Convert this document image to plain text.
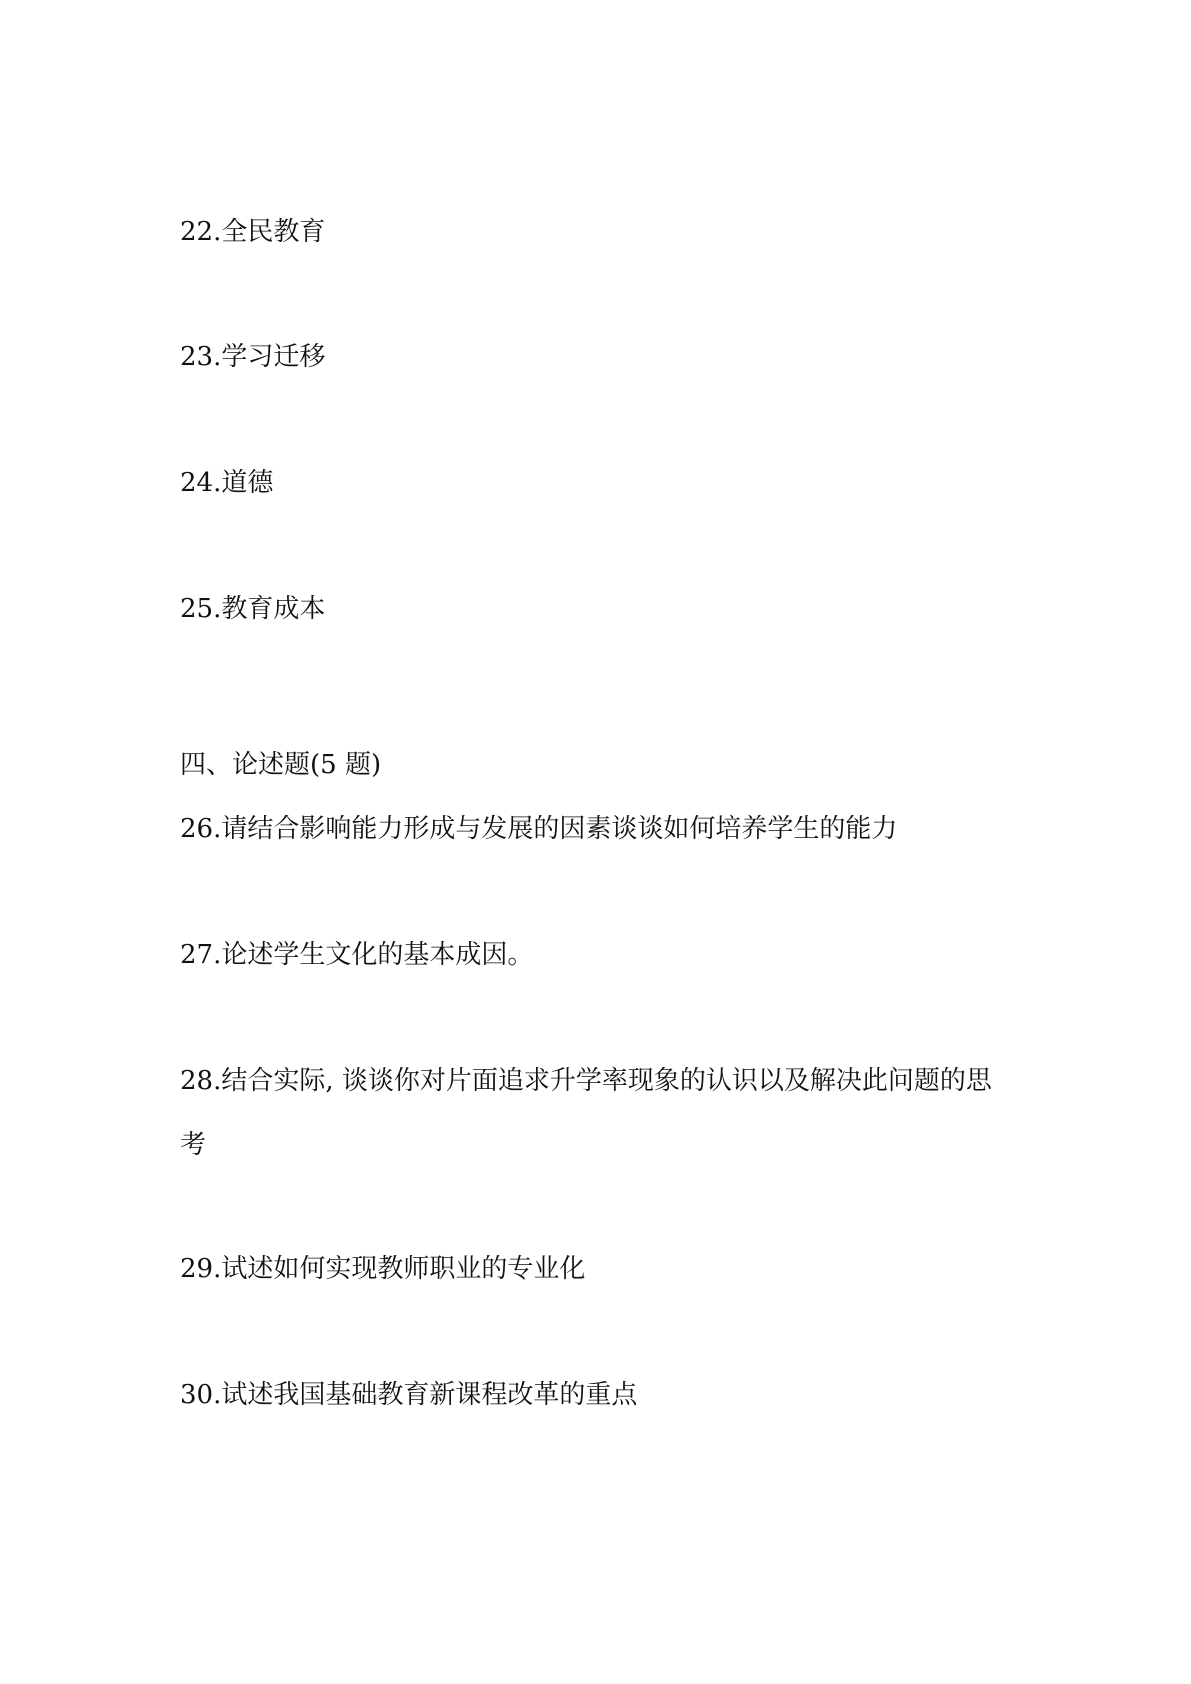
22.全民教育
23.学习迁移
24.道德
25.教育成本
四、论述题(5 题)
26.请结合影响能力形成与发展的因素谈谈如何培养学生的能力
27.论述学生文化的基本成因。
28.结合实际, 谈谈你对片面追求升学率现象的认识以及解决此问题的思
考
29.试述如何实现教师职业的专业化
30.试述我国基础教育新课程改革的重点
